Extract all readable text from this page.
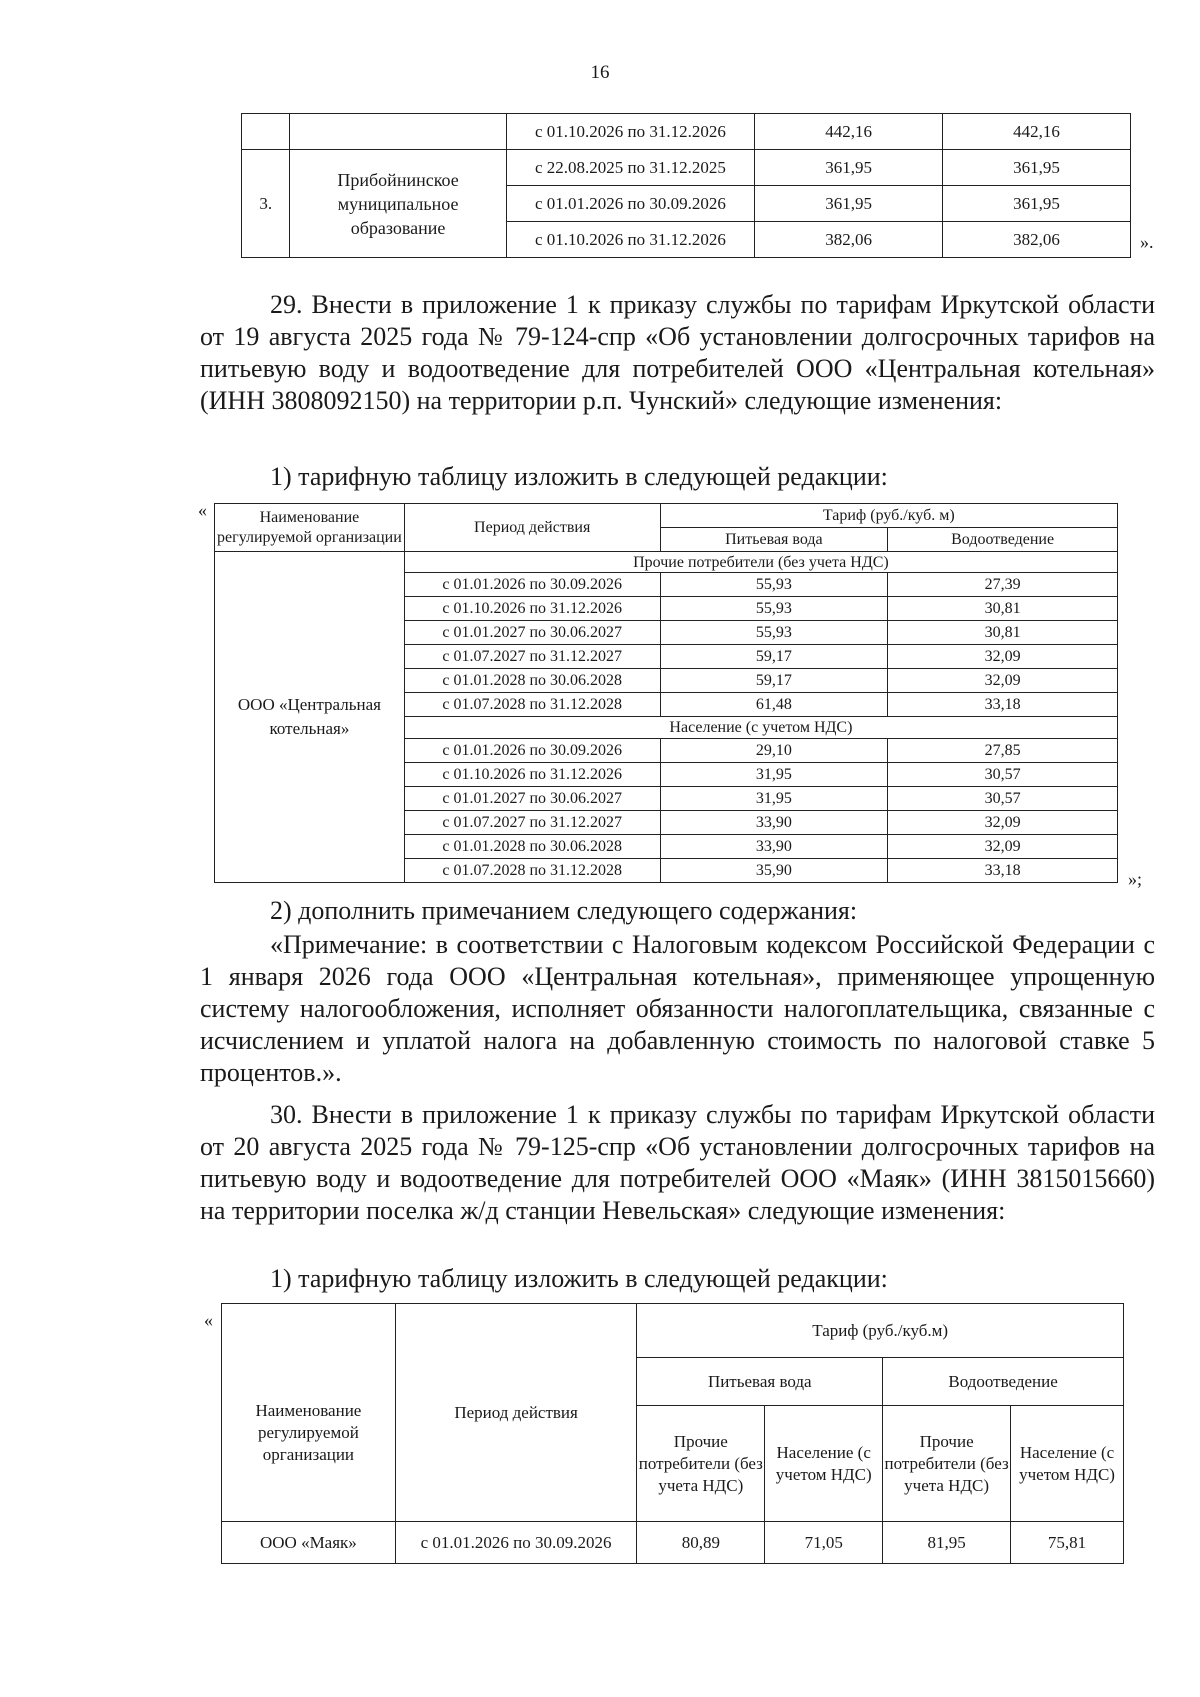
16
		с 01.10.2026 по 31.12.2026	442,16	442,16
3.	Прибойнинское муниципальное образование	с 22.08.2025 по 31.12.2025	361,95	361,95
		с 01.01.2026 по 30.09.2026	361,95	361,95
		с 01.10.2026 по 31.12.2026	382,06	382,06	».
29. Внести в приложение 1 к приказу службы по тарифам Иркутской области от 19 августа 2025 года № 79-124-спр «Об установлении долгосрочных тарифов на питьевую воду и водоотведение для потребителей ООО «Центральная котельная» (ИНН 3808092150) на территории р.п. Чунский» следующие изменения:
1) тарифную таблицу изложить в следующей редакции:
«	Наименование регулируемой организации	Период действия	Тариф (руб./куб. м)	
		Питьевая вода	Водоотведение
ООО «Центральная котельная»	Прочие потребители (без учета НДС)		
	с 01.01.2026 по 30.09.2026	55,93	27,39
	с 01.10.2026 по 31.12.2026	55,93	30,81
	с 01.01.2027 по 30.06.2027	55,93	30,81
	с 01.07.2027 по 31.12.2027	59,17	32,09
	с 01.01.2028 по 30.06.2028	59,17	32,09
	с 01.07.2028 по 31.12.2028	61,48	33,18
	Население (с учетом НДС)		
	с 01.01.2026 по 30.09.2026	29,10	27,85
	с 01.10.2026 по 31.12.2026	31,95	30,57
	с 01.01.2027 по 30.06.2027	31,95	30,57
	с 01.07.2027 по 31.12.2027	33,90	32,09
	с 01.01.2028 по 30.06.2028	33,90	32,09
	с 01.07.2028 по 31.12.2028	35,90	33,18	»;
2) дополнить примечанием следующего содержания:
«Примечание: в соответствии с Налоговым кодексом Российской Федерации с 1 января 2026 года ООО «Центральная котельная», применяющее упрощенную систему налогообложения, исполняет обязанности налогоплательщика, связанные с исчислением и уплатой налога на добавленную стоимость по налоговой ставке 5 процентов.».
30. Внести в приложение 1 к приказу службы по тарифам Иркутской области от 20 августа 2025 года № 79-125-спр «Об установлении долгосрочных тарифов на питьевую воду и водоотведение для потребителей ООО «Маяк» (ИНН 3815015660) на территории поселка ж/д станции Невельская» следующие изменения:
1) тарифную таблицу изложить в следующей редакции:
«
Наименование регулируемой организации	Период действия	Тариф (руб./куб.м)			
		Питьевая вода		Водоотведение	
		Прочие потребители (без учета НДС)	Население (с учетом НДС)	Прочие потребители (без учета НДС)	Население (с учетом НДС)
ООО «Маяк»	с 01.01.2026 по 30.09.2026	80,89	71,05	81,95	75,81
